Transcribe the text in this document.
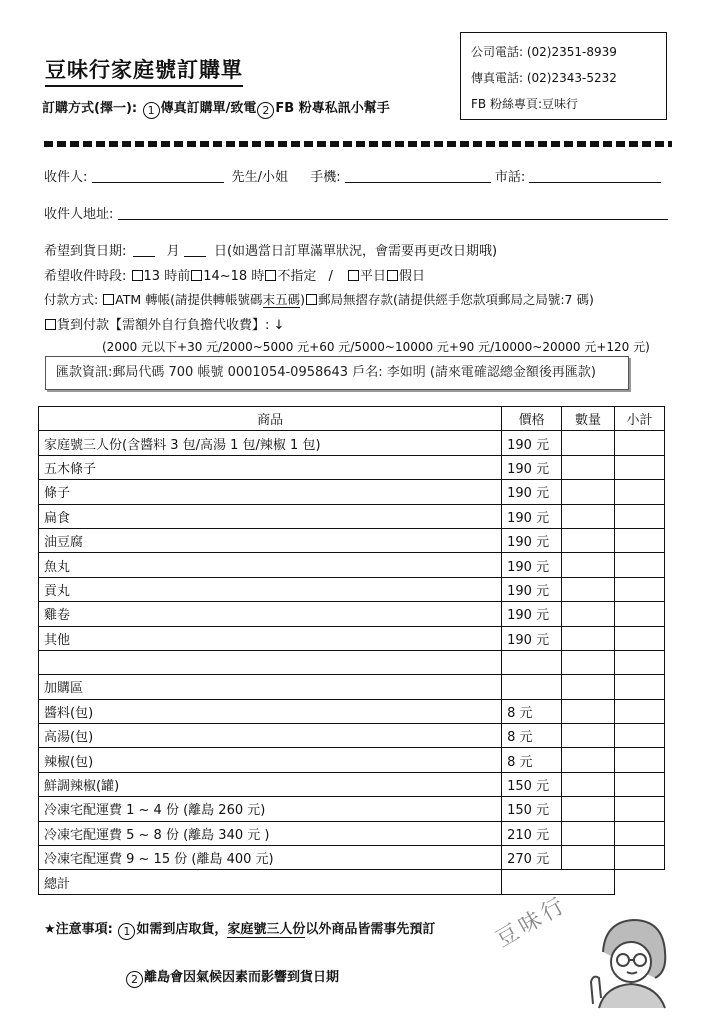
豆味行家庭號訂購單
訂購方式(擇一): 1 傳真訂購單/致電 2 FB 粉專私訊小幫手
公司電話: (02)2351-8939
傳真電話: (02)2343-5232
FB 粉絲專頁:豆味行
收件人:	先生/小姐 手機:	市話:
收件人地址:
希望到貨日期:	月	日(如遇當日訂單滿單狀況，會需要再更改日期哦)
希望收件時段: 13 時前 14~18 時 不指定 / 平日 假日
付款方式: ATM 轉帳(請提供轉帳號碼末五碼) 郵局無摺存款(請提供經手您款項郵局之局號:7 碼)
貨到付款【需額外自行負擔代收費】: ↓
(2000 元以下+30 元/2000~5000 元+60 元/5000~10000 元+90 元/10000~20000 元+120 元)
匯款資訊:郵局代碼 700 帳號 0001054-0958643 戶名: 李如明 (請來電確認總金額後再匯款)
商品	價格	數量	小計
家庭號三人份(含醬料 3 包/高湯 1 包/辣椒 1 包)	190 元		
五木條子	190 元		
條子	190 元		
扁食	190 元		
油豆腐	190 元		
魚丸	190 元		
貢丸	190 元		
雞卷	190 元		
其他	190 元		

加購區			
醬料(包)	8 元		
高湯(包)	8 元		
辣椒(包)	8 元		
鮮調辣椒(罐)	150 元		
冷凍宅配運費 1 ~ 4 份 (離島 260 元)	150 元		
冷凍宅配運費 5 ~ 8 份 (離島 340 元 )	210 元		
冷凍宅配運費 9 ~ 15 份 (離島 400 元)	270 元		
總計			
★注意事項: 1 如需到店取貨，家庭號三人份以外商品皆需事先預訂
2 離島會因氣候因素而影響到貨日期
豆味行
